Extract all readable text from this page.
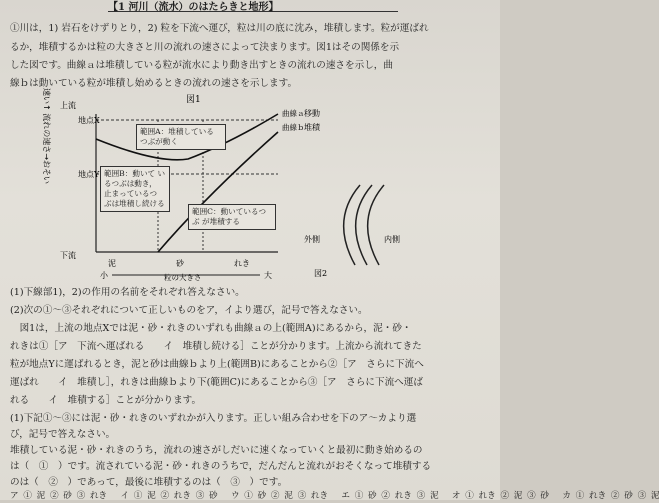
【1 河川（流水）のはたらきと地形】
①川は，1) 岩石をけずりとり，2) 粒を下流へ運び，粒は川の底に沈み，堆積します。粒が運ばれ
るか，堆積するかは粒の大きさと川の流れの速さによって決まります。図1はその関係を示
した図です。曲線ａは堆積している粒が流水により動き出すときの流れの速さを示し，曲
線ｂは動いている粒が堆積し始めるときの流れの速さを示します。
図1
上流
下流
速い↑ 流れの速さ→おそい	地点X
地点Y
曲線ａ
曲線ｂ
移動
堆積
泥	砂	れき
小	大
粒の大きさ
範囲A：堆積している つぶが動く
範囲B：動いて いるつぶは動き， 止まっているつ ぶは堆積し続ける
範囲C：動いているつぶ が堆積する
外側	内側
図2
(1)下線部1)，2)の作用の名前をそれぞれ答えなさい。
(2)次の①～③それぞれについて正しいものをア，イより選び，記号で答えなさい。
　図1は，上流の地点Xでは泥・砂・れきのいずれも曲線ａの上(範囲A)にあるから，泥・砂・
れきは①［ア　下流へ運ばれる　　イ　堆積し続ける］ことが分かります。上流から流れてきた
粒が地点Yに運ばれるとき，泥と砂は曲線ｂより上(範囲B)にあることから②［ア　さらに下流へ
運ばれ　　イ　堆積し］，れきは曲線ｂより下(範囲C)にあることから③［ア　さらに下流へ運ば
れる　　イ　堆積する］ことが分かります。
(1)下記①～③には泥・砂・れきのいずれかが入ります。正しい組み合わせを下のア～カより選
び，記号で答えなさい。
堆積している泥・砂・れきのうち，流れの速さがしだいに速くなっていくと最初に動き始めるの
は（　①　）です。流されている泥・砂・れきのうちで，だんだんと流れがおそくなって堆積する
のは（　②　）であって，最後に堆積するのは（　③　）です。
ア ① 泥 ② 砂 ③ れき　 イ ① 泥 ② れき ③ 砂　 ウ ① 砂 ② 泥 ③ れき　 エ ① 砂 ② れき ③ 泥　 オ ① れき ② 泥 ③ 砂　 カ ① れき ② 砂 ③ 泥
